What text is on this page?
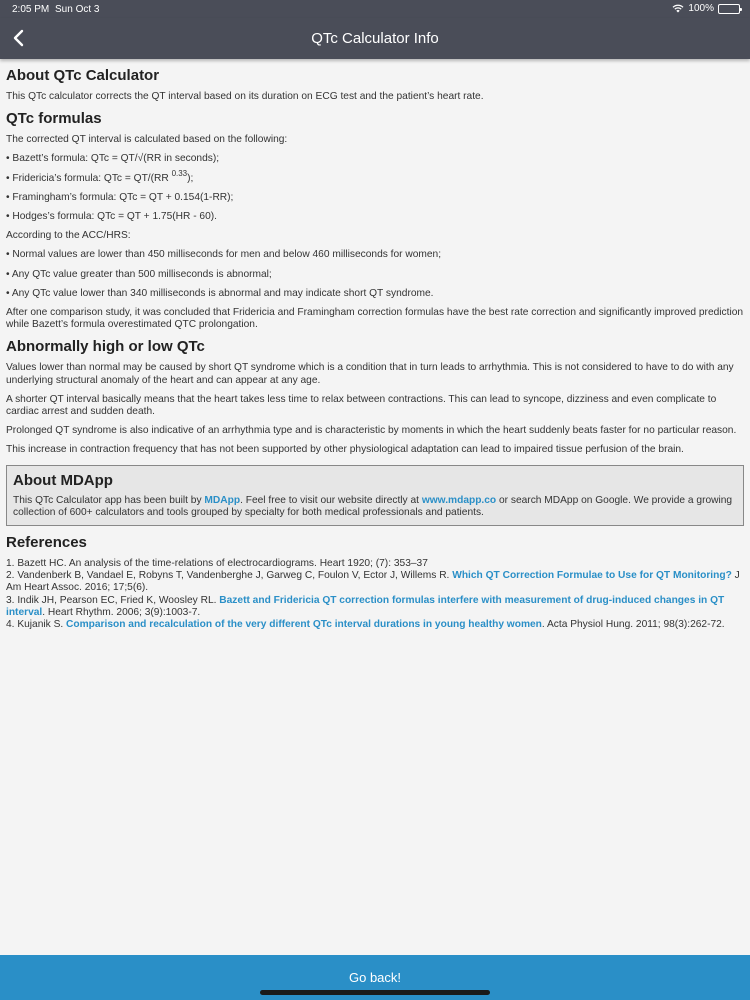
2:05 PM Sun Oct 3	100%
QTc Calculator Info
About QTc Calculator

This QTc calculator corrects the QT interval based on its duration on ECG test and the patient’s heart rate.

QTc formulas

The corrected QT interval is calculated based on the following:

• Bazett’s formula: QTc = QT/√(RR in seconds);

• Fridericia’s formula: QTc = QT/(RR $^{0.33}$);

• Framingham’s formula: QTc = QT + 0.154(1-RR);

• Hodges’s formula: QTc = QT + 1.75(HR - 60).

According to the ACC/HRS:

• Normal values are lower than 450 milliseconds for men and below 460 milliseconds for women;

• Any QTc value greater than 500 milliseconds is abnormal;

• Any QTc value lower than 340 milliseconds is abnormal and may indicate short QT syndrome.

After one comparison study, it was concluded that Fridericia and Framingham correction formulas have the best rate correction and significantly improved prediction while Bazett’s formula overestimated QTC prolongation.

Abnormally high or low QTc

Values lower than normal may be caused by short QT syndrome which is a condition that in turn leads to arrhythmia. This is not considered to have to do with any underlying structural anomaly of the heart and can appear at any age.

A shorter QT interval basically means that the heart takes less time to relax between contractions. This can lead to syncope, dizziness and even complicate to cardiac arrest and sudden death.

Prolonged QT syndrome is also indicative of an arrhythmia type and is characteristic by moments in which the heart suddenly beats faster for no particular reason.

This increase in contraction frequency that has not been supported by other physiological adaptation can lead to impaired tissue perfusion of the brain.

About MDApp

This QTc Calculator app has been built by MDApp. Feel free to visit our website directly at www.mdapp.co or search MDApp on Google. We provide a growing collection of 600+ calculators and tools grouped by specialty for both medical professionals and patients.

References

1. Bazett HC. An analysis of the time-relations of electrocardiograms. Heart 1920; (7): 353–37

2. Vandenberk B, Vandael E, Robyns T, Vandenberghe J, Garweg C, Foulon V, Ector J, Willems R. Which QT Correction Formulae to Use for QT Monitoring? J Am Heart Assoc. 2016; 17;5(6).

3. Indik JH, Pearson EC, Fried K, Woosley RL. Bazett and Fridericia QT correction formulas interfere with measurement of drug-induced changes in QT interval. Heart Rhythm. 2006; 3(9):1003-7.

4. Kujanik S. Comparison and recalculation of the very different QTc interval durations in young healthy women. Acta Physiol Hung. 2011; 98(3):262-72.

Go back!
